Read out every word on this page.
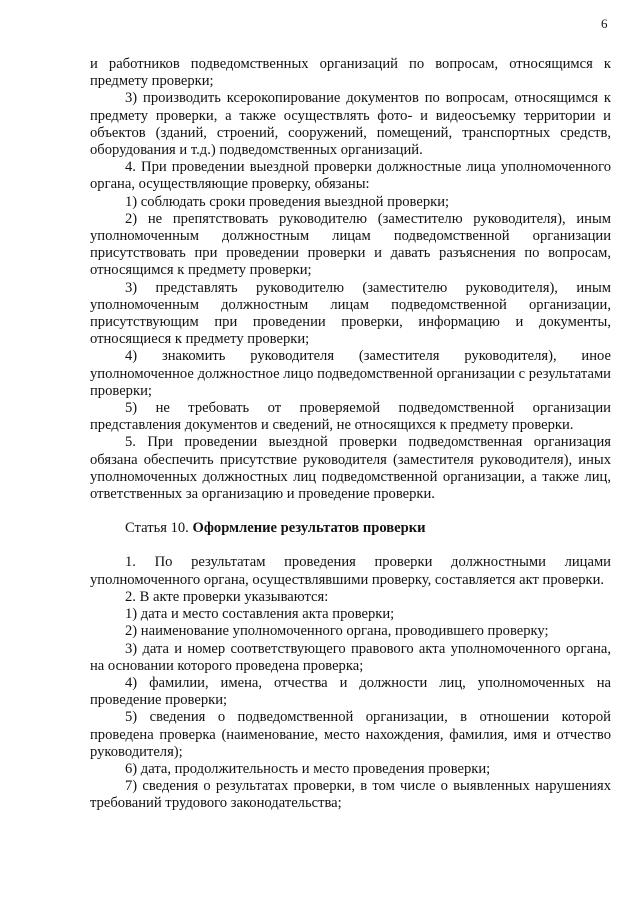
6

и работников подведомственных организаций по вопросам, относящимся к предмету проверки;

3) производить ксерокопирование документов по вопросам, относящимся к предмету проверки, а также осуществлять фото- и видеосъемку территории и объектов (зданий, строений, сооружений, помещений, транспортных средств, оборудования и т.д.) подведомственных организаций.

4. При проведении выездной проверки должностные лица уполномоченного органа, осуществляющие проверку, обязаны:

1) соблюдать сроки проведения выездной проверки;

2) не препятствовать руководителю (заместителю руководителя), иным уполномоченным должностным лицам подведомственной организации присутствовать при проведении проверки и давать разъяснения по вопросам, относящимся к предмету проверки;

3) представлять руководителю (заместителю руководителя), иным уполномоченным должностным лицам подведомственной организации, присутствующим при проведении проверки, информацию и документы, относящиеся к предмету проверки;

4) знакомить руководителя (заместителя руководителя), иное уполномоченное должностное лицо подведомственной организации с результатами проверки;

5) не требовать от проверяемой подведомственной организации представления документов и сведений, не относящихся к предмету проверки.

5. При проведении выездной проверки подведомственная организация обязана обеспечить присутствие руководителя (заместителя руководителя), иных уполномоченных должностных лиц подведомственной организации, а также лиц, ответственных за организацию и проведение проверки.

Статья 10. Оформление результатов проверки

1. По результатам проведения проверки должностными лицами уполномоченного органа, осуществлявшими проверку, составляется акт проверки.

2. В акте проверки указываются:

1) дата и место составления акта проверки;

2) наименование уполномоченного органа, проводившего проверку;

3) дата и номер соответствующего правового акта уполномоченного органа, на основании которого проведена проверка;

4) фамилии, имена, отчества и должности лиц, уполномоченных на проведение проверки;

5) сведения о подведомственной организации, в отношении которой проведена проверка (наименование, место нахождения, фамилия, имя и отчество руководителя);

6) дата, продолжительность и место проведения проверки;

7) сведения о результатах проверки, в том числе о выявленных нарушениях требований трудового законодательства;
